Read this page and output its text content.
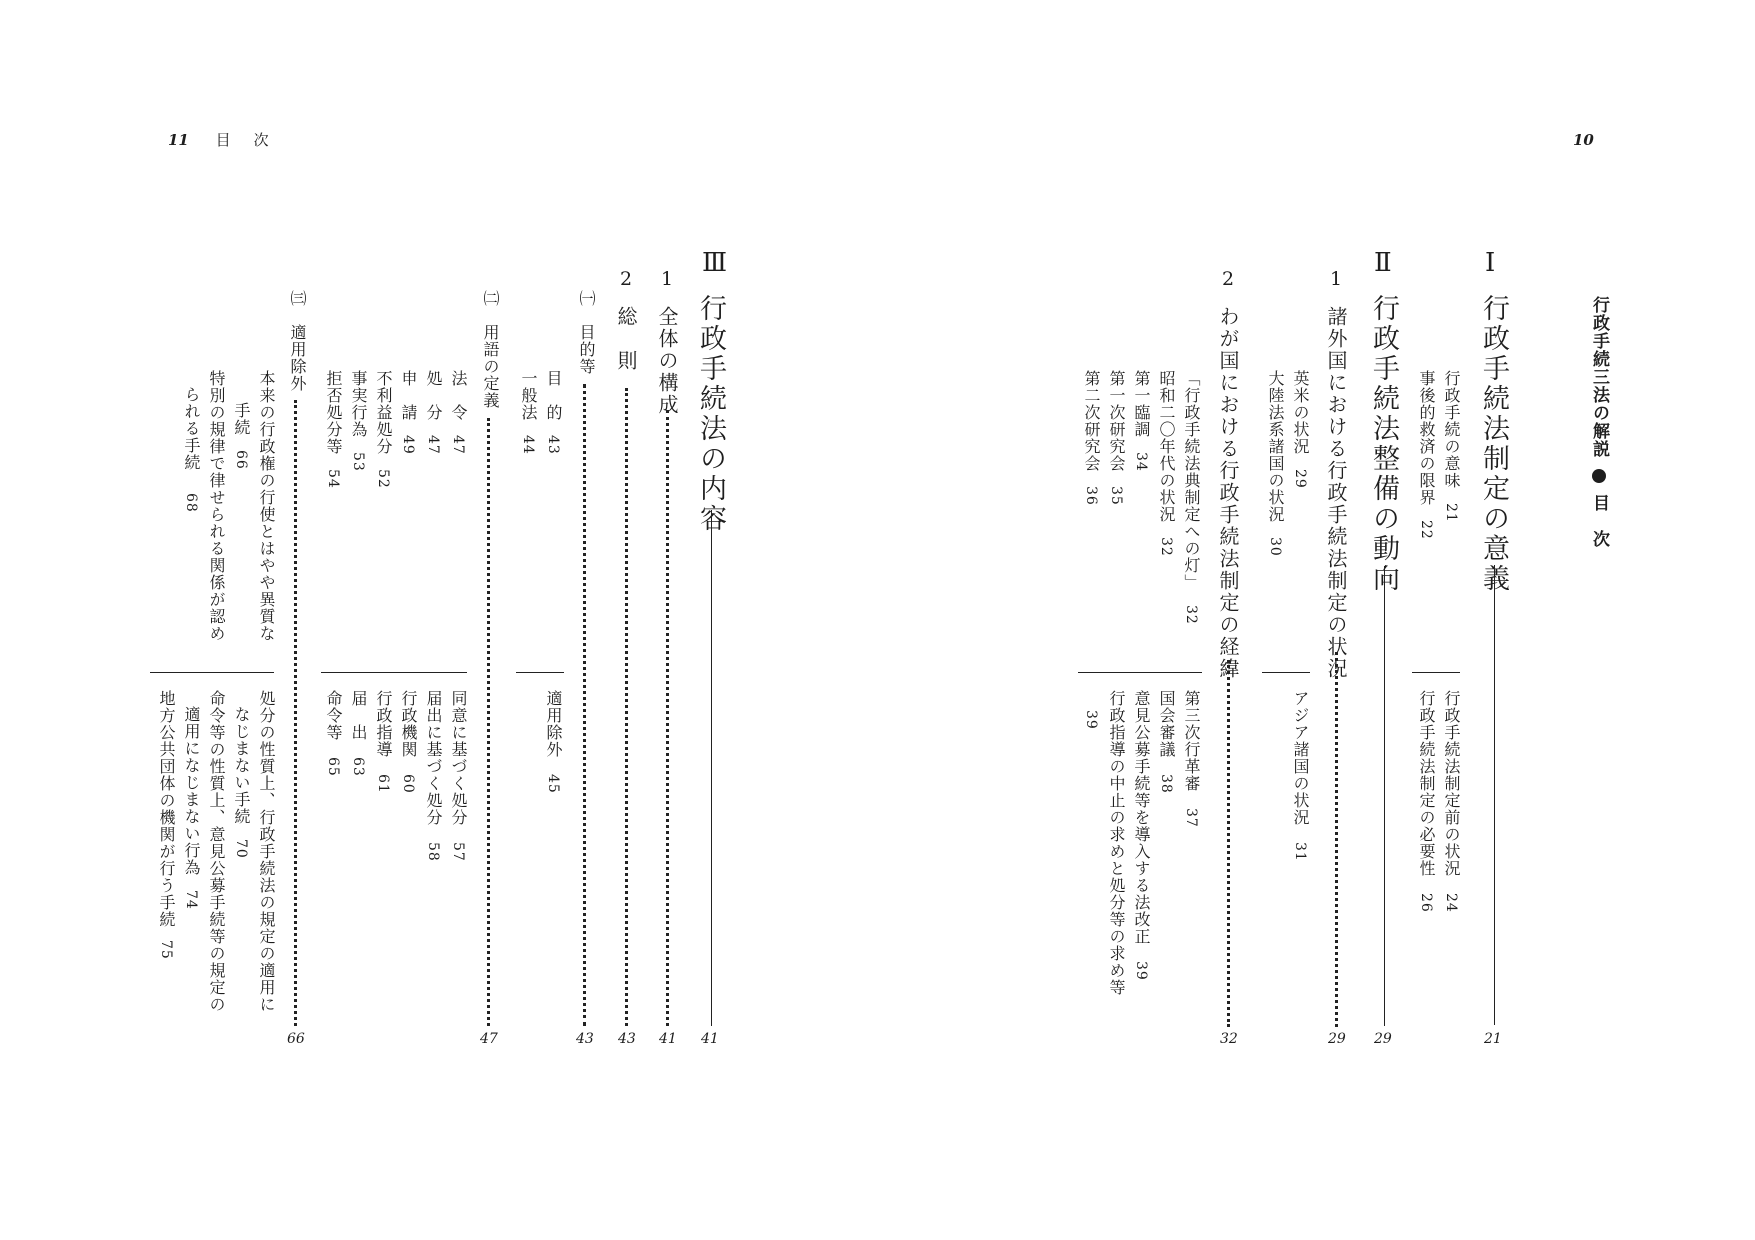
11 目　次	10
行政手続三法の解説  目　次
Ⅰ
行政手続法制定の意義
21
行政手続の意味21
事後的救済の限界22
行政手続法制定前の状況24
行政手続法制定の必要性26
Ⅱ
行政手続法整備の動向
29
1
諸外国における行政手続法制定の状況
29
英米の状況29
大陸法系諸国の状況30
アジア諸国の状況31
2
わが国における行政手続法制定の経緯
32
「行政手続法典制定への灯」32
昭和二〇年代の状況32
第一臨調34
第一次研究会35
第二次研究会36
第三次行革審37
国会審議38
意見公募手続等を導入する法改正39
行政指導の中止の求めと処分等の求め等
39
Ⅲ
行政手続法の内容
41
1
全体の構成
41
2
総　則
43
㈠
目的等
43
目　的43
一般法44
適用除外45
㈡
用語の定義
47
法　令47
処　分47
申　請49
不利益処分52
事実行為53
拒否処分等54
同意に基づく処分57
届出に基づく処分58
行政機関60
行政指導61
届　出63
命令等65
㈢
適用除外
66
本来の行政権の行使とはやや異質な
手続66
特別の規律で律せられる関係が認め
られる手続68
処分の性質上、行政手続法の規定の適用に
なじまない手続70
命令等の性質上、意見公募手続等の規定の
適用になじまない行為74
地方公共団体の機関が行う手続
75
